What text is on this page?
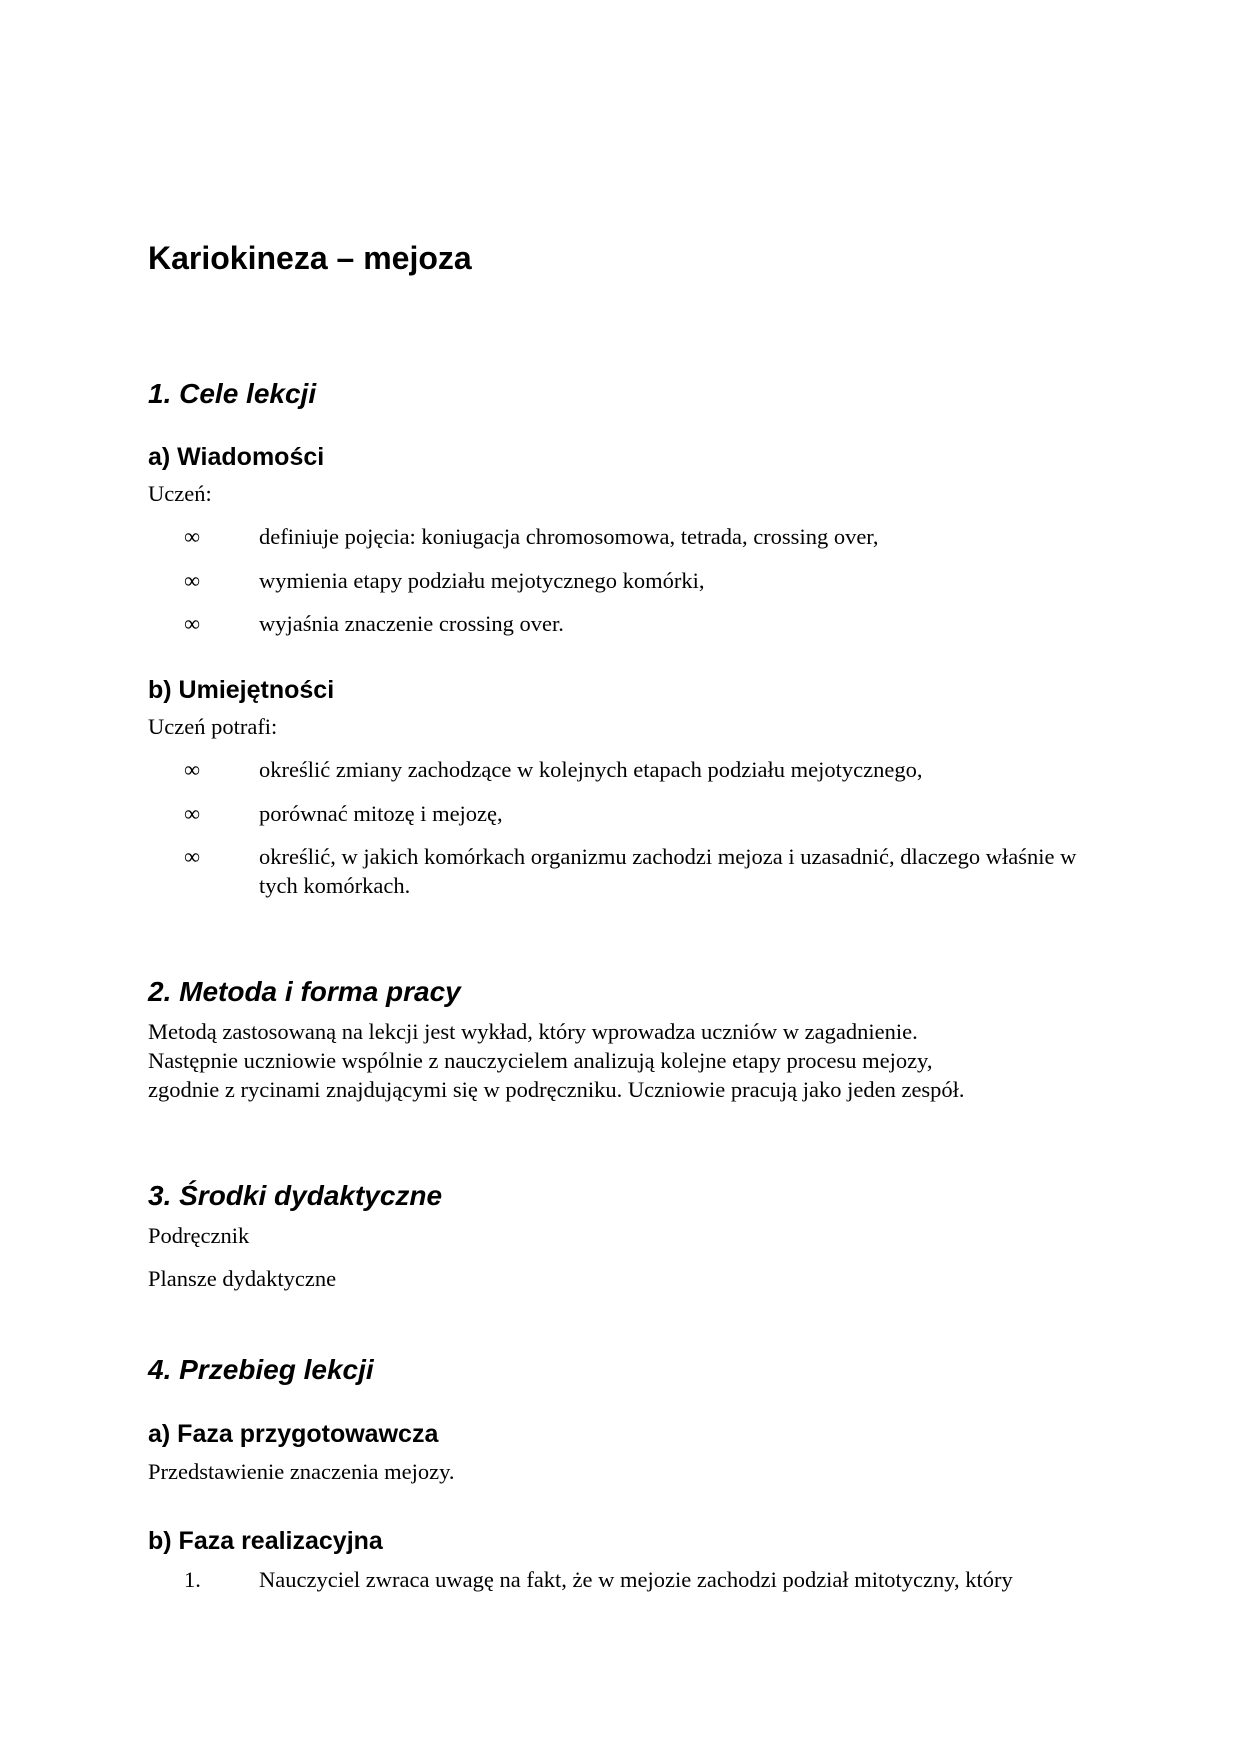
Kariokineza – mejoza
1. Cele lekcji
a) Wiadomości

Uczeń:

∞	definiuje pojęcia: koniugacja chromosomowa, tetrada, crossing over,
∞	wymienia etapy podziału mejotycznego komórki,
∞	wyjaśnia znaczenie crossing over.
b) Umiejętności

Uczeń potrafi:

∞	określić zmiany zachodzące w kolejnych etapach podziału mejotycznego,
∞	porównać mitozę i mejozę,
∞	określić, w jakich komórkach organizmu zachodzi mejoza i uzasadnić, dlaczego właśnie w tych komórkach.
2. Metoda i forma pracy

Metodą zastosowaną na lekcji jest wykład, który wprowadza uczniów w zagadnienie.

Następnie uczniowie wspólnie z nauczycielem analizują kolejne etapy procesu mejozy,

zgodnie z rycinami znajdującymi się w podręczniku. Uczniowie pracują jako jeden zespół.

3. Środki dydaktyczne

Podręcznik

Plansze dydaktyczne

4. Przebieg lekcji
a) Faza przygotowawcza

Przedstawienie znaczenia mejozy.

b) Faza realizacyjna
1.	Nauczyciel zwraca uwagę na fakt, że w mejozie zachodzi podział mitotyczny, który
